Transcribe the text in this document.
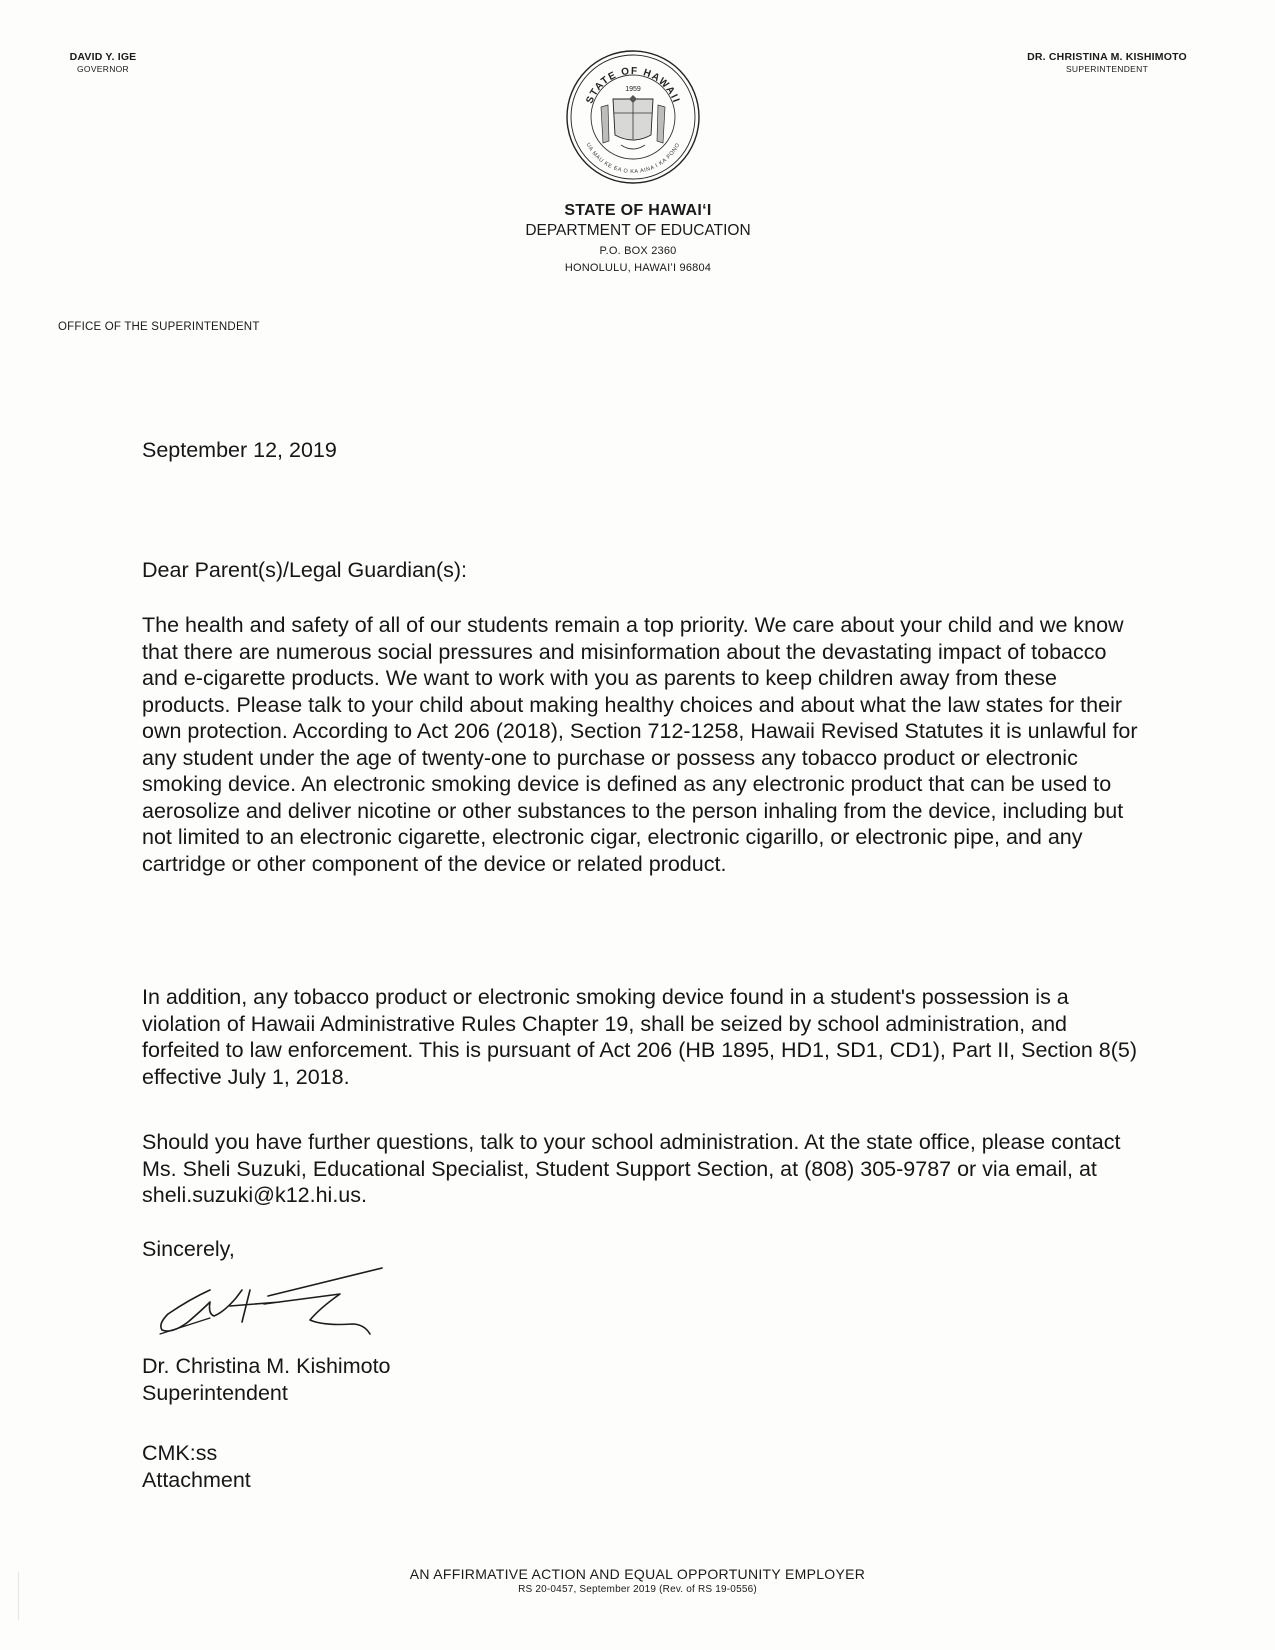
DAVID Y. IGE
GOVERNOR
DR. CHRISTINA M. KISHIMOTO
SUPERINTENDENT
STATE OF HAWAII
UA MAU KE EA O KA AINA I KA PONO
1959
STATE OF HAWAIʻI
DEPARTMENT OF EDUCATION
P.O. BOX 2360
HONOLULU, HAWAIʻI 96804
OFFICE OF THE SUPERINTENDENT
September 12, 2019
Dear Parent(s)/Legal Guardian(s):

The health and safety of all of our students remain a top priority. We care about your child and we know that there are numerous social pressures and misinformation about the devastating impact of tobacco and e-cigarette products. We want to work with you as parents to keep children away from these products. Please talk to your child about making healthy choices and about what the law states for their own protection. According to Act 206 (2018), Section 712-1258, Hawaii Revised Statutes it is unlawful for any student under the age of twenty-one to purchase or possess any tobacco product or electronic smoking device. An electronic smoking device is defined as any electronic product that can be used to aerosolize and deliver nicotine or other substances to the person inhaling from the device, including but not limited to an electronic cigarette, electronic cigar, electronic cigarillo, or electronic pipe, and any cartridge or other component of the device or related product.

In addition, any tobacco product or electronic smoking device found in a student's possession is a violation of Hawaii Administrative Rules Chapter 19, shall be seized by school administration, and forfeited to law enforcement. This is pursuant of Act 206 (HB 1895, HD1, SD1, CD1), Part II, Section 8(5) effective July 1, 2018.

Should you have further questions, talk to your school administration. At the state office, please contact Ms. Sheli Suzuki, Educational Specialist, Student Support Section, at (808) 305-9787 or via email, at sheli.suzuki@k12.hi.us.

Sincerely,
Dr. Christina M. Kishimoto
Superintendent
CMK:ss
Attachment
AN AFFIRMATIVE ACTION AND EQUAL OPPORTUNITY EMPLOYER
RS 20-0457, September 2019 (Rev. of RS 19-0556)
